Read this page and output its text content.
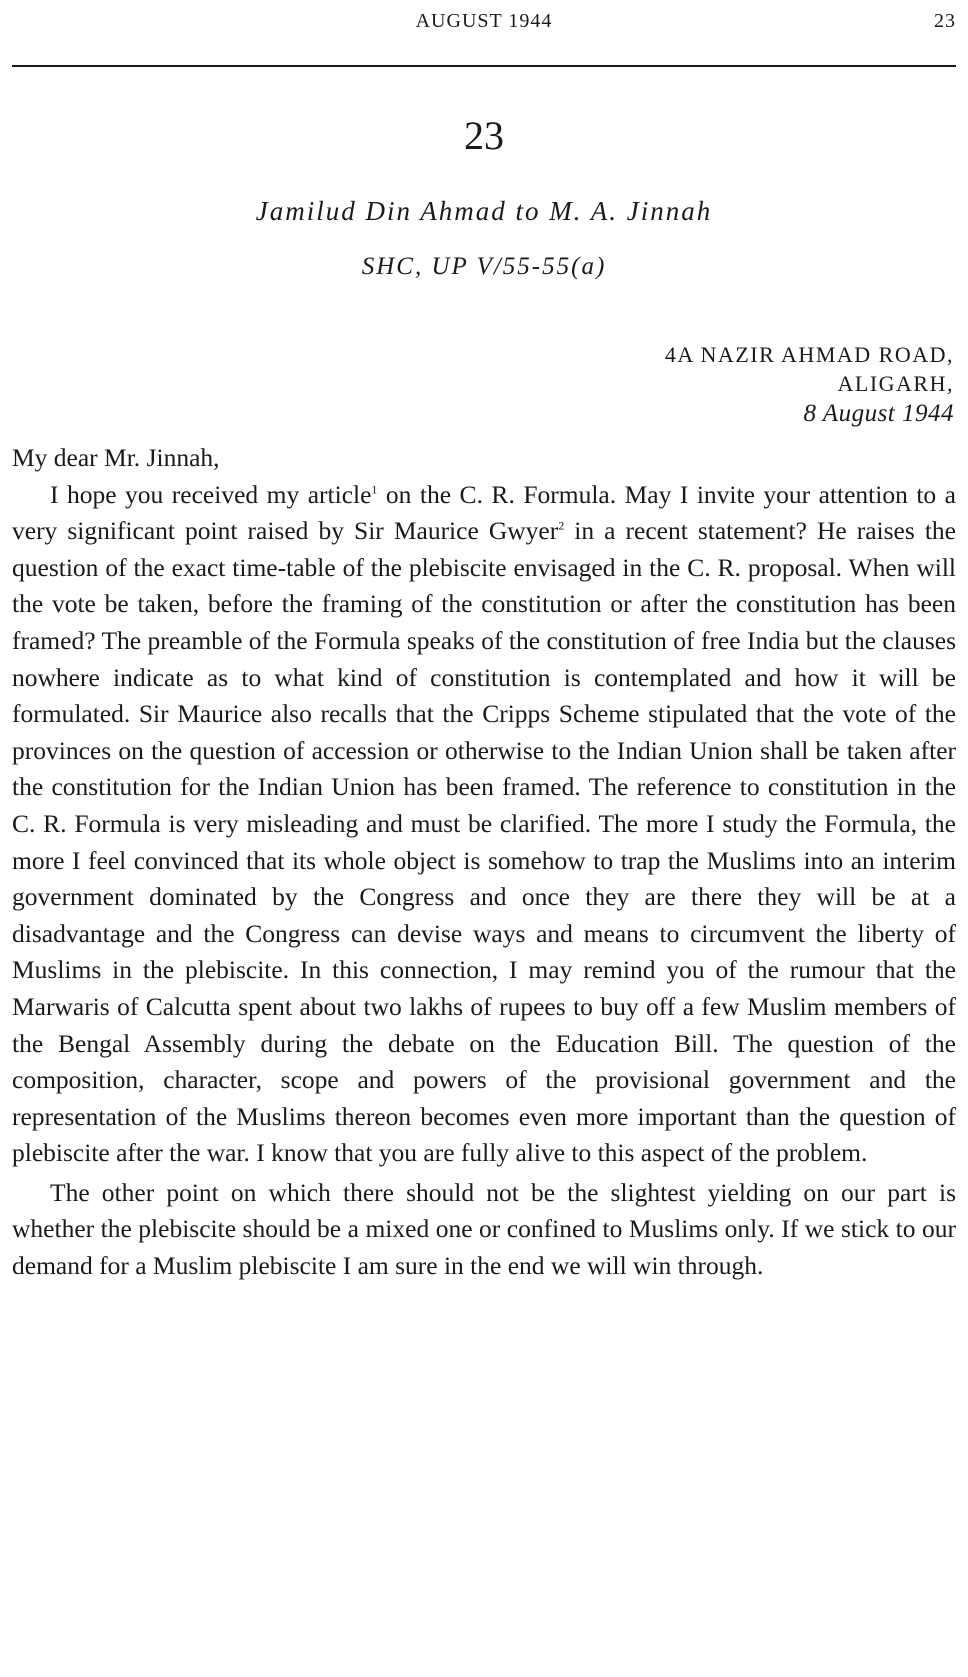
AUGUST 1944	23
23
Jamilud Din Ahmad to M. A. Jinnah
SHC, UP V/55-55(a)
4A NAZIR AHMAD ROAD,
ALIGARH,
8 August 1944

My dear Mr. Jinnah,

I hope you received my article$^1$ on the C. R. Formula. May I invite your attention to a very significant point raised by Sir Maurice Gwyer$^2$ in a recent statement? He raises the question of the exact time-table of the plebiscite envisaged in the C. R. proposal. When will the vote be taken, before the framing of the constitution or after the constitution has been framed? The preamble of the Formula speaks of the constitution of free India but the clauses nowhere indicate as to what kind of constitution is contemplated and how it will be formulated. Sir Maurice also recalls that the Cripps Scheme stipulated that the vote of the provinces on the question of accession or otherwise to the Indian Union shall be taken after the constitution for the Indian Union has been framed. The reference to constitution in the C. R. Formula is very misleading and must be clarified. The more I study the Formula, the more I feel convinced that its whole object is somehow to trap the Muslims into an interim government dominated by the Congress and once they are there they will be at a disadvantage and the Congress can devise ways and means to circumvent the liberty of Muslims in the plebiscite. In this connection, I may remind you of the rumour that the Marwaris of Calcutta spent about two lakhs of rupees to buy off a few Muslim members of the Bengal Assembly during the debate on the Education Bill. The question of the composition, character, scope and powers of the provisional government and the representation of the Muslims thereon becomes even more important than the question of plebiscite after the war. I know that you are fully alive to this aspect of the problem.

The other point on which there should not be the slightest yielding on our part is whether the plebiscite should be a mixed one or confined to Muslims only. If we stick to our demand for a Muslim plebiscite I am sure in the end we will win through.
